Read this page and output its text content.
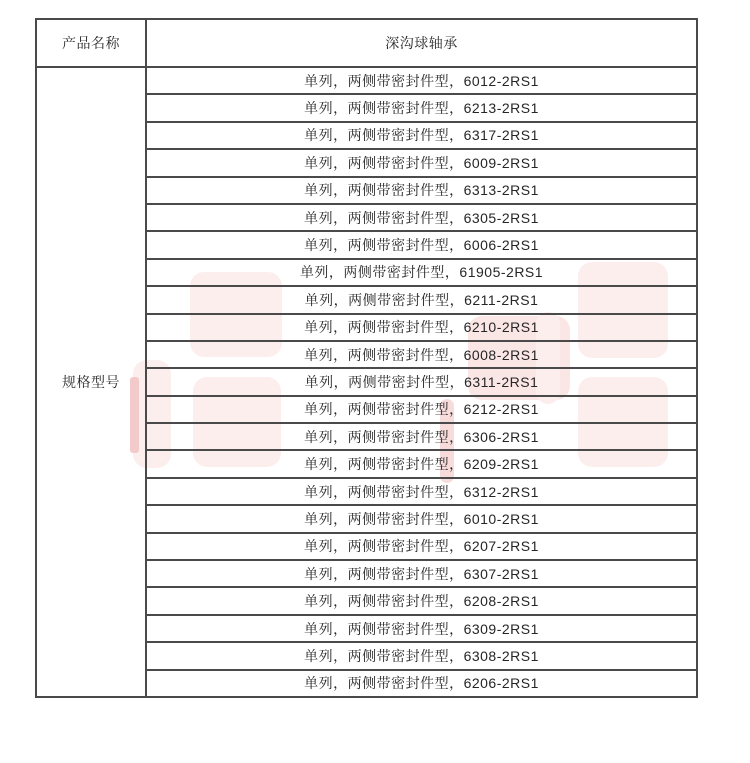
产品名称	深沟球轴承
规格型号	单列，两侧带密封件型，6012-2RS1
	单列，两侧带密封件型，6213-2RS1
	单列，两侧带密封件型，6317-2RS1
	单列，两侧带密封件型，6009-2RS1
	单列，两侧带密封件型，6313-2RS1
	单列，两侧带密封件型，6305-2RS1
	单列，两侧带密封件型，6006-2RS1
	单列，两侧带密封件型，61905-2RS1
	单列，两侧带密封件型，6211-2RS1
	单列，两侧带密封件型，6210-2RS1
	单列，两侧带密封件型，6008-2RS1
	单列，两侧带密封件型，6311-2RS1
	单列，两侧带密封件型，6212-2RS1
	单列，两侧带密封件型，6306-2RS1
	单列，两侧带密封件型，6209-2RS1
	单列，两侧带密封件型，6312-2RS1
	单列，两侧带密封件型，6010-2RS1
	单列，两侧带密封件型，6207-2RS1
	单列，两侧带密封件型，6307-2RS1
	单列，两侧带密封件型，6208-2RS1
	单列，两侧带密封件型，6309-2RS1
	单列，两侧带密封件型，6308-2RS1
	单列，两侧带密封件型，6206-2RS1
